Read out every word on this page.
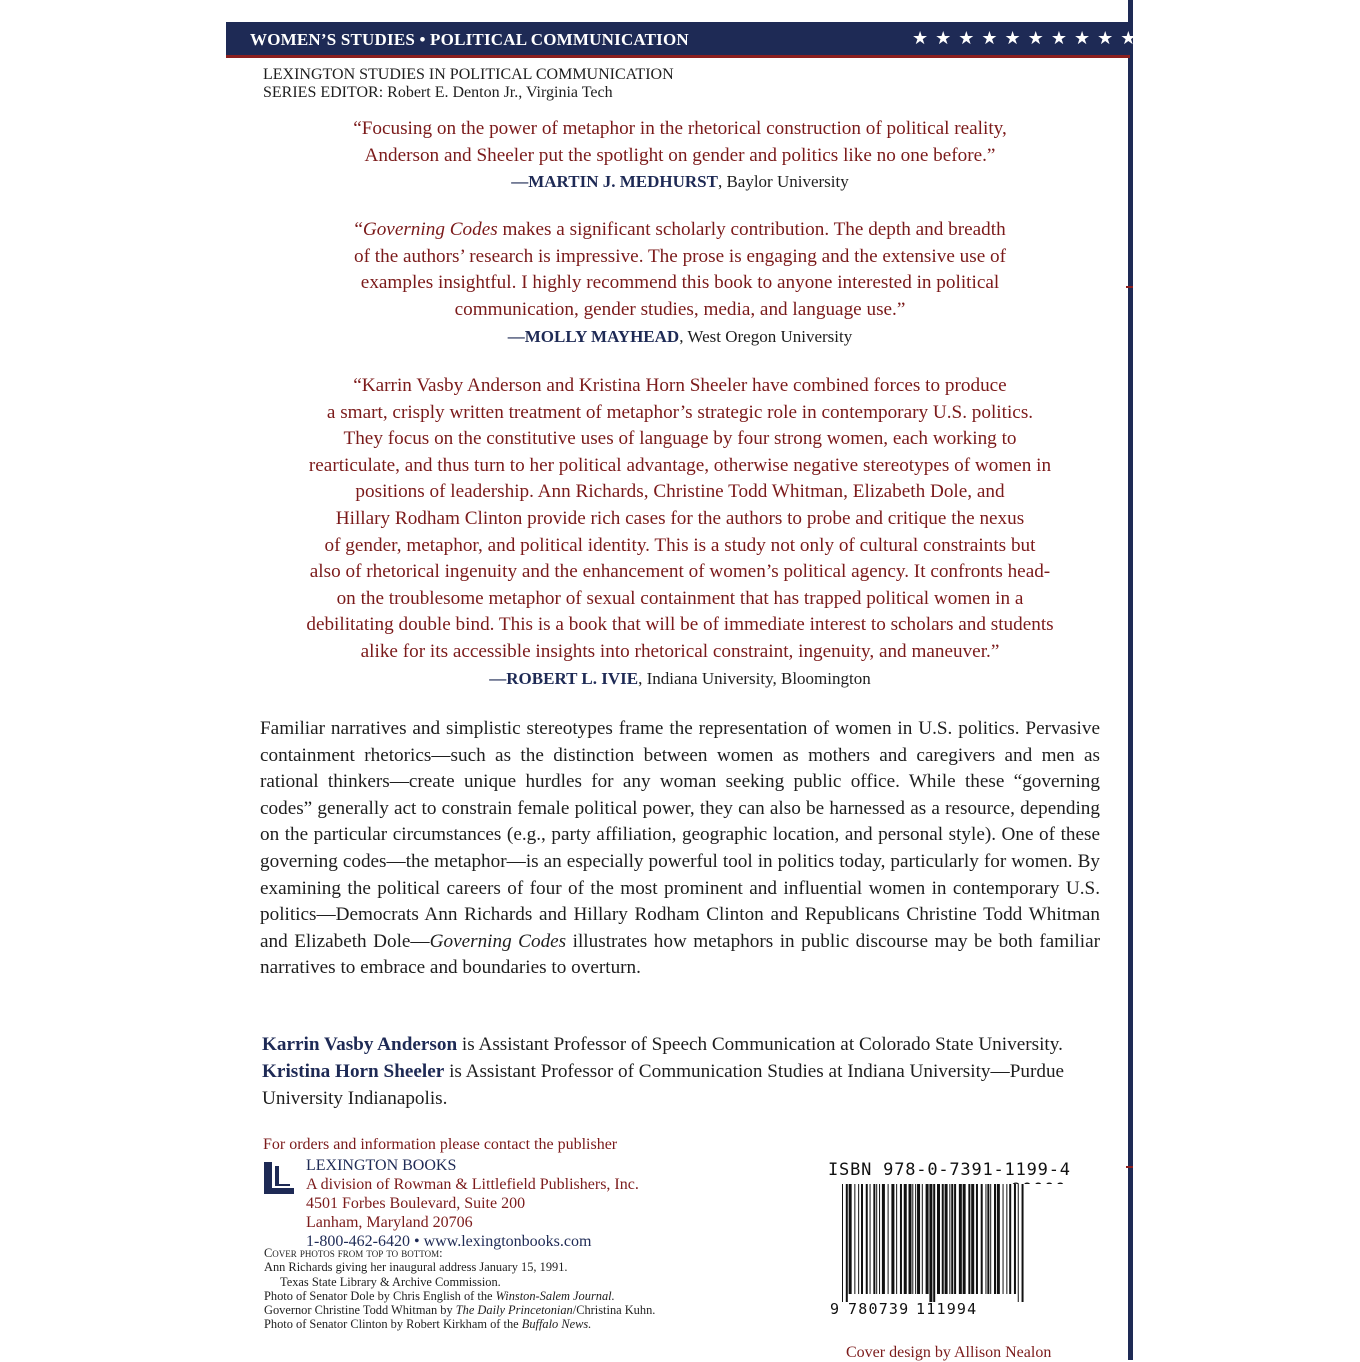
WOMEN’S STUDIES • POLITICAL COMMUNICATION	★★★★★★★★★★★★★★
LEXINGTON STUDIES IN POLITICAL COMMUNICATION
SERIES EDITOR: Robert E. Denton Jr., Virginia Tech
“Focusing on the power of metaphor in the rhetorical construction of political reality,
Anderson and Sheeler put the spotlight on gender and politics like no one before.”
—MARTIN J. MEDHURST, Baylor University
“Governing Codes makes a significant scholarly contribution. The depth and breadth
of the authors’ research is impressive. The prose is engaging and the extensive use of
examples insightful. I highly recommend this book to anyone interested in political
communication, gender studies, media, and language use.”
—MOLLY MAYHEAD, West Oregon University
“Karrin Vasby Anderson and Kristina Horn Sheeler have combined forces to produce
a smart, crisply written treatment of metaphor’s strategic role in contemporary U.S. politics.
They focus on the constitutive uses of language by four strong women, each working to
rearticulate, and thus turn to her political advantage, otherwise negative stereotypes of women in
positions of leadership. Ann Richards, Christine Todd Whitman, Elizabeth Dole, and
Hillary Rodham Clinton provide rich cases for the authors to probe and critique the nexus
of gender, metaphor, and political identity. This is a study not only of cultural constraints but
also of rhetorical ingenuity and the enhancement of women’s political agency. It confronts head-
on the troublesome metaphor of sexual containment that has trapped political women in a
debilitating double bind. This is a book that will be of immediate interest to scholars and students
alike for its accessible insights into rhetorical constraint, ingenuity, and maneuver.”
—ROBERT L. IVIE, Indiana University, Bloomington

Familiar narratives and simplistic stereotypes frame the representation of women in U.S. politics. Pervasive containment rhetorics—such as the distinction between women as mothers and caregivers and men as rational thinkers—create unique hurdles for any woman seeking public office. While these “governing codes” generally act to constrain female political power, they can also be harnessed as a resource, depending on the particular circumstances (e.g., party affiliation, geographic location, and personal style). One of these governing codes—the metaphor—is an especially powerful tool in politics today, particularly for women. By examining the political careers of four of the most prominent and influential women in contemporary U.S. politics—Democrats Ann Richards and Hillary Rodham Clinton and Republicans Christine Todd Whitman and Elizabeth Dole—Governing Codes illustrates how metaphors in public discourse may be both familiar narratives to embrace and boundaries to overturn.

Karrin Vasby Anderson is Assistant Professor of Speech Communication at Colorado State University.

Kristina Horn Sheeler is Assistant Professor of Communication Studies at Indiana University—Purdue University Indianapolis.

For orders and information please contact the publisher
LEXINGTON BOOKS
A division of Rowman & Littlefield Publishers, Inc.
4501 Forbes Boulevard, Suite 200
Lanham, Maryland 20706
1-800-462-6420 • www.lexingtonbooks.com
Cover photos from top to bottom:
Ann Richards giving her inaugural address January 15, 1991.
Texas State Library & Archive Commission.
Photo of Senator Dole by Chris English of the Winston-Salem Journal.
Governor Christine Todd Whitman by The Daily Princetonian/Christina Kuhn.
Photo of Senator Clinton by Robert Kirkham of the Buffalo News.
ISBN 978-0-7391-1199-4
9 780739 111994
Cover design by Allison Nealon
